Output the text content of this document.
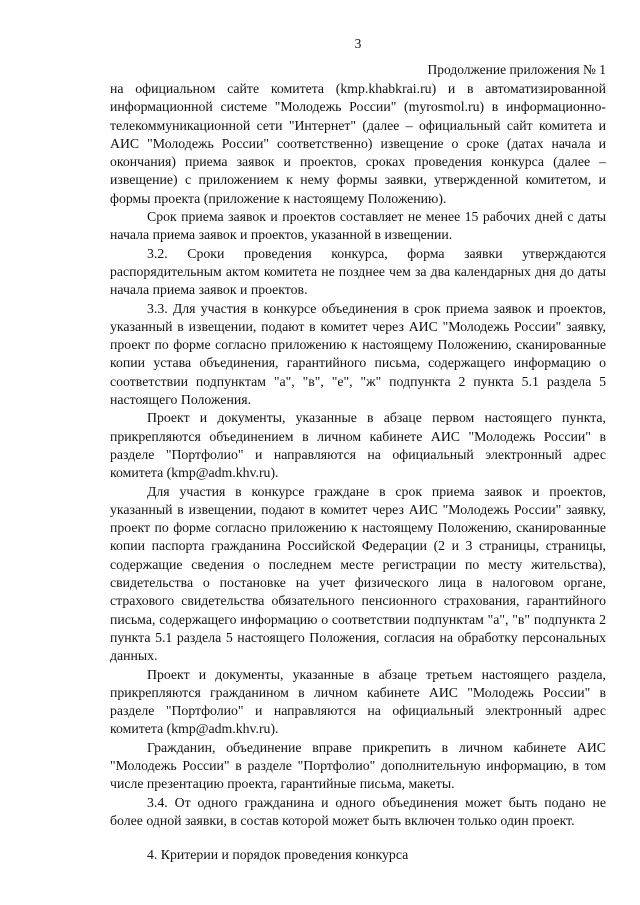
3
Продолжение приложения № 1

на официальном сайте комитета (kmp.khabkrai.ru) и в автоматизированной информационной системе "Молодежь России" (myrosmol.ru) в информационно-телекоммуникационной сети "Интернет" (далее – официальный сайт комитета и АИС "Молодежь России" соответственно) извещение о сроке (датах начала и окончания) приема заявок и проектов, сроках проведения конкурса (далее – извещение) с приложением к нему формы заявки, утвержденной комитетом, и формы проекта (приложение к настоящему Положению).

Срок приема заявок и проектов составляет не менее 15 рабочих дней с даты начала приема заявок и проектов, указанной в извещении.

3.2. Сроки проведения конкурса, форма заявки утверждаются распорядительным актом комитета не позднее чем за два календарных дня до даты начала приема заявок и проектов.

3.3. Для участия в конкурсе объединения в срок приема заявок и проектов, указанный в извещении, подают в комитет через АИС "Молодежь России" заявку, проект по форме согласно приложению к настоящему Положению, сканированные копии устава объединения, гарантийного письма, содержащего информацию о соответствии подпунктам "а", "в", "е", "ж" подпункта 2 пункта 5.1 раздела 5 настоящего Положения.

Проект и документы, указанные в абзаце первом настоящего пункта, прикрепляются объединением в личном кабинете АИС "Молодежь России" в разделе "Портфолио" и направляются на официальный электронный адрес комитета (kmp@adm.khv.ru).

Для участия в конкурсе граждане в срок приема заявок и проектов, указанный в извещении, подают в комитет через АИС "Молодежь России" заявку, проект по форме согласно приложению к настоящему Положению, сканированные копии паспорта гражданина Российской Федерации (2 и 3 страницы, страницы, содержащие сведения о последнем месте регистрации по месту жительства), свидетельства о постановке на учет физического лица в налоговом органе, страхового свидетельства обязательного пенсионного страхования, гарантийного письма, содержащего информацию о соответствии подпунктам "а", "в" подпункта 2 пункта 5.1 раздела 5 настоящего Положения, согласия на обработку персональных данных.

Проект и документы, указанные в абзаце третьем настоящего раздела, прикрепляются гражданином в личном кабинете АИС "Молодежь России" в разделе "Портфолио" и направляются на официальный электронный адрес комитета (kmp@adm.khv.ru).

Гражданин, объединение вправе прикрепить в личном кабинете АИС "Молодежь России" в разделе "Портфолио" дополнительную информацию, в том числе презентацию проекта, гарантийные письма, макеты.

3.4. От одного гражданина и одного объединения может быть подано не более одной заявки, в состав которой может быть включен только один проект.

4. Критерии и порядок проведения конкурса
